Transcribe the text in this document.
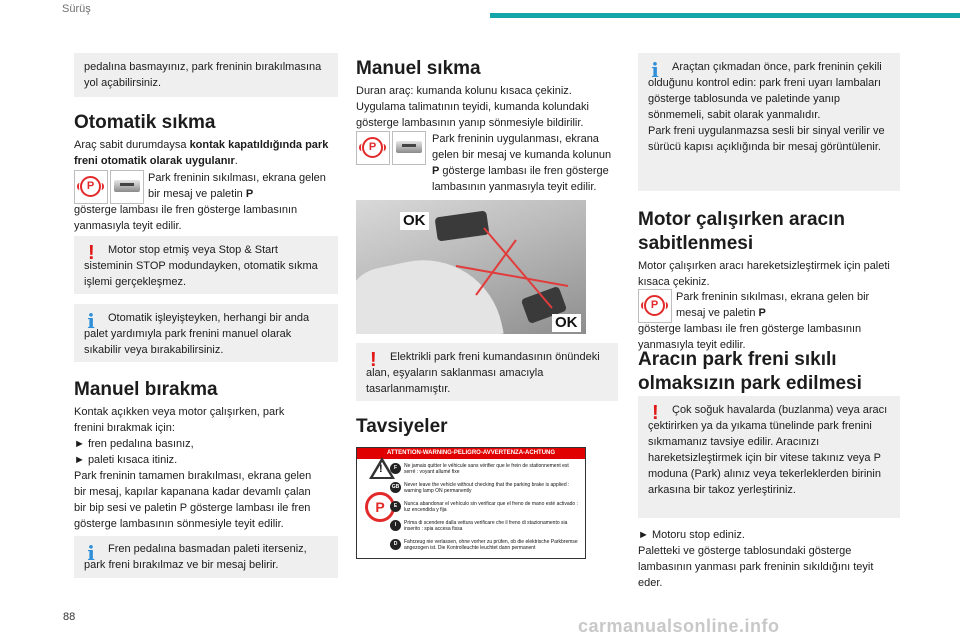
Sürüş

pedalına basmayınız, park freninin bırakılmasına yol açabilirsiniz.

Otomatik sıkma
Araç sabit durumdaysa kontak kapatıldığında park freni otomatik olarak uygulanır.
P
Park freninin sıkılması, ekrana gelen bir mesaj ve paletin P
gösterge lambası ile fren gösterge lambasının yanmasıyla teyit edilir.
!	Motor stop etmiş veya Stop & Start sisteminin STOP modundayken, otomatik sıkma işlemi gerçekleşmez.

i	Otomatik işleyişteyken, herhangi bir anda palet yardımıyla park frenini manuel olarak sıkabilir veya bırakabilirsiniz.

Manuel bırakma
Kontak açıkken veya motor çalışırken, park
frenini bırakmak için:
► fren pedalına basınız,
► paleti kısaca itiniz.
Park freninin tamamen bırakılması, ekrana gelen
bir mesaj, kapılar kapanana kadar devamlı çalan
bir bip sesi ve paletin P gösterge lambası ile fren
gösterge lambasının sönmesiyle teyit edilir.
i	Fren pedalına basmadan paleti iterseniz, park freni bırakılmaz ve bir mesaj belirir.

Manuel sıkma
Duran araç: kumanda kolunu kısaca çekiniz. Uygulama talimatının teyidi, kumanda kolundaki gösterge lambasının yanıp sönmesiyle bildirilir.
P
Park freninin uygulanması, ekrana gelen bir mesaj ve kumanda kolunun P gösterge lambası ile fren gösterge lambasının yanmasıyla teyit edilir.
OK
OK
!	Elektrikli park freni kumandasının önündeki alan, eşyaların saklanması amacıyla tasarlanmamıştır.

Tavsiyeler
ATTENTION-WARNING-PELIGRO-AVVERTENZA-ACHTUNG
!
P
F	Ne jamais quitter le véhicule sans vérifier que le frein de stationnement est serré : voyant allumé fixe
GB Never leave the vehicle without checking that the parking brake is applied : warning lamp ON permanently
E	Nunca abandonar el vehículo sin verificar que el freno de mano esté activado : luz encendida y fija
I	Prima di scendere dalla vettura verificare che il freno di stazionamento sia inserito : spia accesa fissa
D	Fahrzeug nie verlassen, ohne vorher zu prüfen, ob die elektrische Parkbremse angezogen ist. Die Kontrolleuchte leuchtet dann permanent
i	Araçtan çıkmadan önce, park freninin çekili olduğunu kontrol edin: park freni uyarı lambaları gösterge tablosunda ve paletinde yanıp sönmemeli, sabit olarak yanmalıdır.
Park freni uygulanmazsa sesli bir sinyal verilir ve sürücü kapısı açıklığında bir mesaj görüntülenir.

Motor çalışırken aracın sabitlenmesi
Motor çalışırken aracı hareketsizleştirmek için paleti kısaca çekiniz.
P
Park freninin sıkılması, ekrana gelen bir mesaj ve paletin P
gösterge lambası ile fren gösterge lambasının yanmasıyla teyit edilir.
Aracın park freni sıkılı olmaksızın park edilmesi
!	Çok soğuk havalarda (buzlanma) veya aracı çektirirken ya da yıkama tünelinde park frenini sıkmamanız tavsiye edilir. Aracınızı hareketsizleştirmek için bir vitese takınız veya P moduna (Park) alınız veya tekerleklerden birinin arkasına bir takoz yerleştiriniz.

► Motoru stop ediniz.
Paletteki ve gösterge tablosundaki gösterge
lambasının yanması park freninin sıkıldığını teyit
eder.
88	carmanualsonline.info
